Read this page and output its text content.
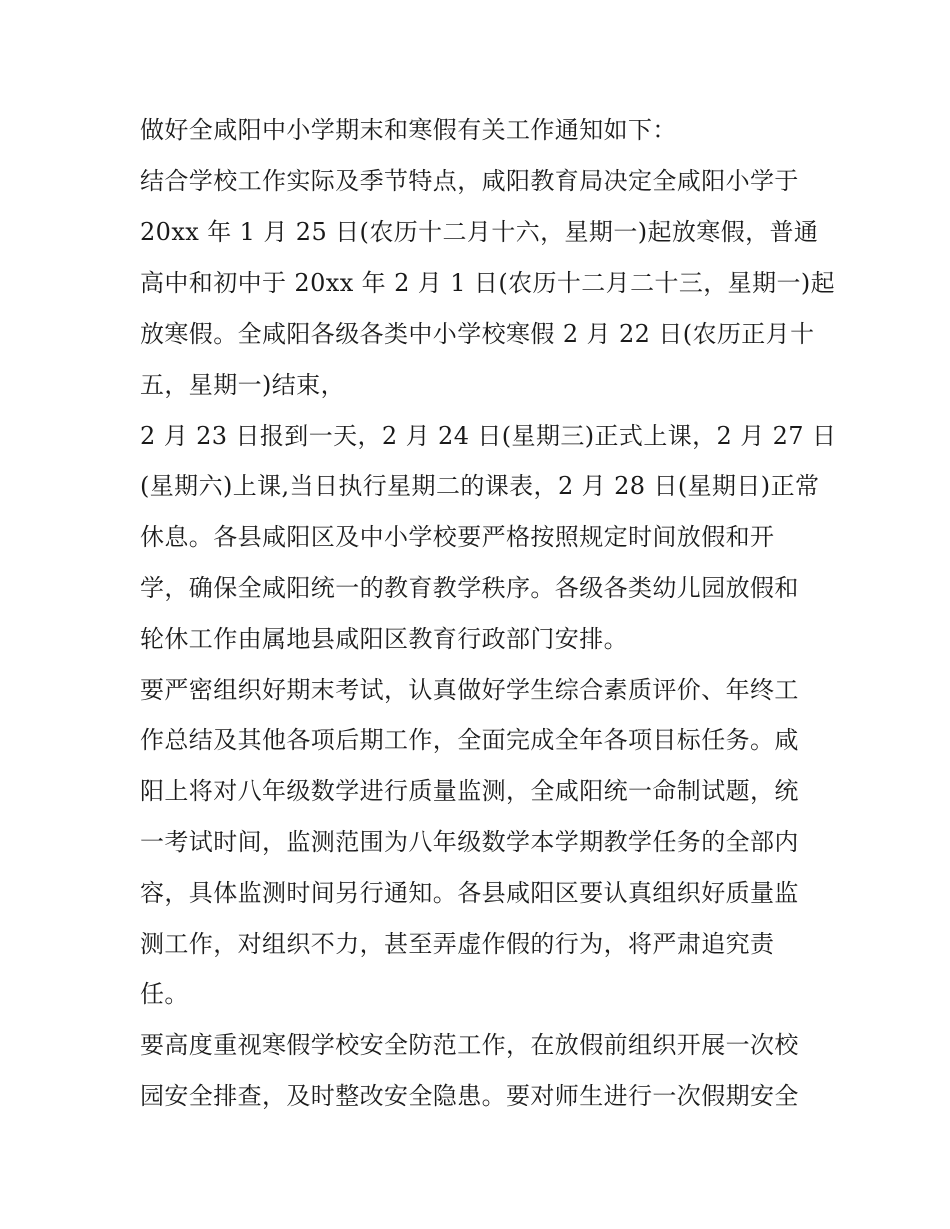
做好全咸阳中小学期末和寒假有关工作通知如下：
结合学校工作实际及季节特点，咸阳教育局决定全咸阳小学于
20xx 年 1 月 25 日(农历十二月十六，星期一)起放寒假，普通
高中和初中于 20xx 年 2 月 1 日(农历十二月二十三，星期一)起
放寒假。全咸阳各级各类中小学校寒假 2 月 22 日(农历正月十
五，星期一)结束，
2 月 23 日报到一天，2 月 24 日(星期三)正式上课，2 月 27 日
(星期六)上课,当日执行星期二的课表，2 月 28 日(星期日)正常
休息。各县咸阳区及中小学校要严格按照规定时间放假和开
学，确保全咸阳统一的教育教学秩序。各级各类幼儿园放假和
轮休工作由属地县咸阳区教育行政部门安排。
要严密组织好期末考试，认真做好学生综合素质评价、年终工
作总结及其他各项后期工作，全面完成全年各项目标任务。咸
阳上将对八年级数学进行质量监测，全咸阳统一命制试题，统
一考试时间，监测范围为八年级数学本学期教学任务的全部内
容，具体监测时间另行通知。各县咸阳区要认真组织好质量监
测工作，对组织不力，甚至弄虚作假的行为，将严肃追究责
任。
要高度重视寒假学校安全防范工作，在放假前组织开展一次校
园安全排查，及时整改安全隐患。要对师生进行一次假期安全
